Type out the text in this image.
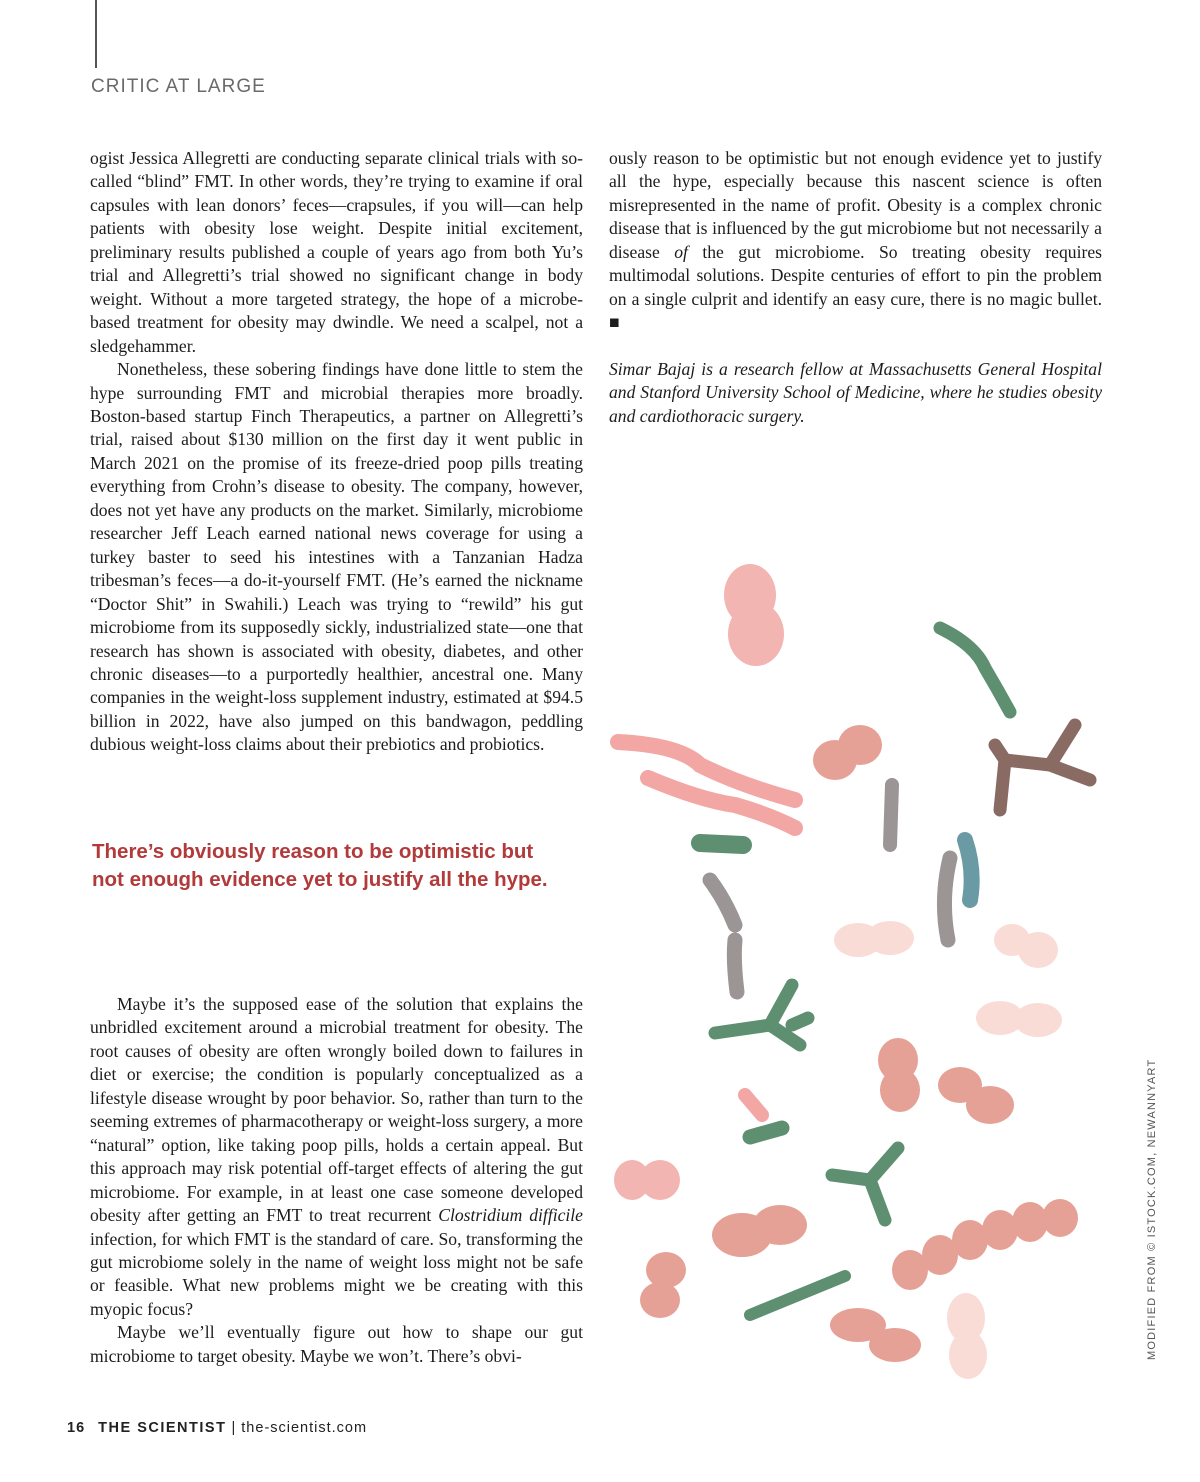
CRITIC AT LARGE

ogist Jessica Allegretti are conducting separate clinical trials with so-called “blind” FMT. In other words, they’re trying to examine if oral capsules with lean donors’ feces—crapsules, if you will—can help patients with obesity lose weight. Despite initial excitement, preliminary results published a couple of years ago from both Yu’s trial and Allegretti’s trial showed no significant change in body weight. Without a more targeted strategy, the hope of a microbe-based treatment for obesity may dwindle. We need a scalpel, not a sledgehammer.

Nonetheless, these sobering findings have done little to stem the hype surrounding FMT and microbial therapies more broadly. Boston-based startup Finch Therapeutics, a partner on Allegretti’s trial, raised about $130 million on the first day it went public in March 2021 on the promise of its freeze-dried poop pills treating everything from Crohn’s disease to obesity. The company, however, does not yet have any products on the market. Similarly, microbiome researcher Jeff Leach earned national news coverage for using a turkey baster to seed his intestines with a Tanzanian Hadza tribesman’s feces—a do-it-yourself FMT. (He’s earned the nickname “Doctor Shit” in Swahili.) Leach was trying to “rewild” his gut microbiome from its supposedly sickly, industrialized state—one that research has shown is associated with obesity, diabetes, and other chronic diseases—to a purportedly healthier, ancestral one. Many companies in the weight-loss supplement industry, estimated at $94.5 billion in 2022, have also jumped on this bandwagon, peddling dubious weight-loss claims about their prebiotics and probiotics.

There’s obviously reason to be optimistic but not enough evidence yet to justify all the hype.

Maybe it’s the supposed ease of the solution that explains the unbridled excitement around a microbial treatment for obesity. The root causes of obesity are often wrongly boiled down to failures in diet or exercise; the condition is popularly conceptualized as a lifestyle disease wrought by poor behavior. So, rather than turn to the seeming extremes of pharmacotherapy or weight-loss surgery, a more “natural” option, like taking poop pills, holds a certain appeal. But this approach may risk potential off-target effects of altering the gut microbiome. For example, in at least one case someone developed obesity after getting an FMT to treat recurrent Clostridium difficile infection, for which FMT is the standard of care. So, transforming the gut microbiome solely in the name of weight loss might not be safe or feasible. What new problems might we be creating with this myopic focus?

Maybe we’ll eventually figure out how to shape our gut microbiome to target obesity. Maybe we won’t. There’s obvi-

ously reason to be optimistic but not enough evidence yet to justify all the hype, especially because this nascent science is often misrepresented in the name of profit. Obesity is a complex chronic disease that is influenced by the gut microbiome but not necessarily a disease of the gut microbiome. So treating obesity requires multimodal solutions. Despite centuries of effort to pin the problem on a single culprit and identify an easy cure, there is no magic bullet. ■

Simar Bajaj is a research fellow at Massachusetts General Hospital and Stanford University School of Medicine, where he studies obesity and cardiothoracic surgery.

MODIFIED FROM © ISTOCK.COM, NEWANNYART
16 THE SCIENTIST | the-scientist.com
